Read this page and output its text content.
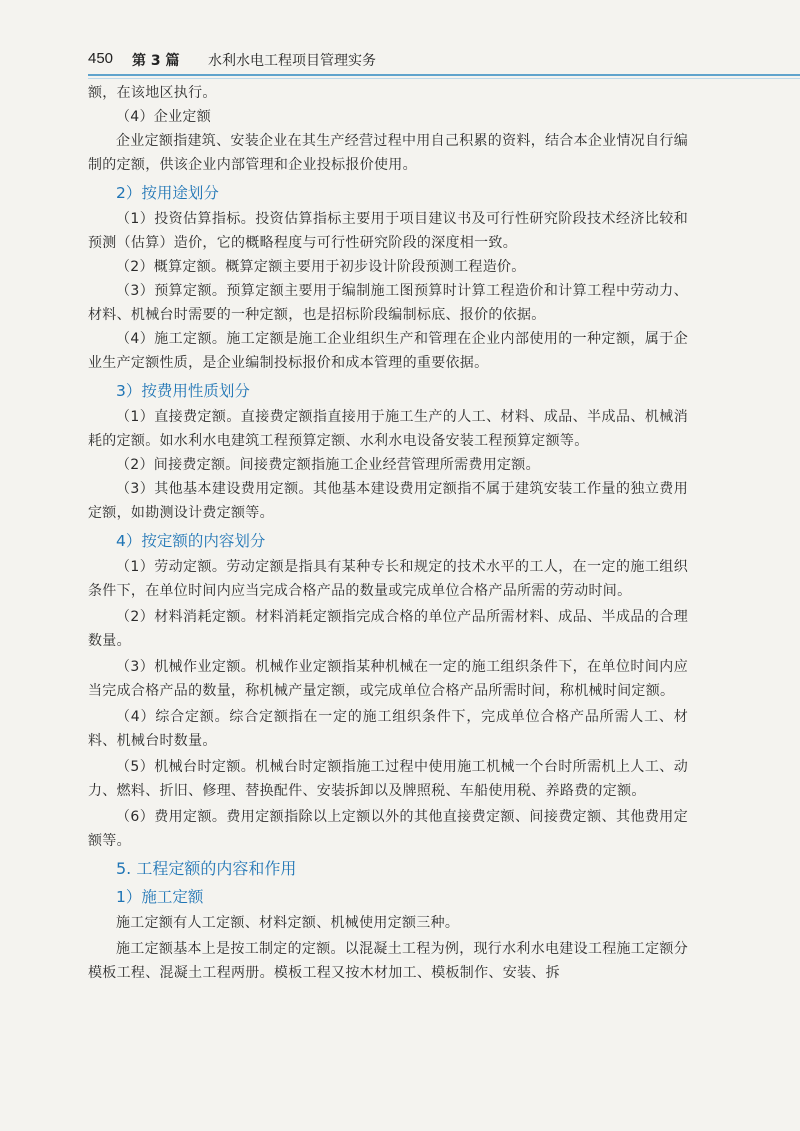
450 第 3 篇 水利水电工程项目管理实务

额，在该地区执行。

（4）企业定额

企业定额指建筑、安装企业在其生产经营过程中用自己积累的资料，结合本企业情况自行编制的定额，供该企业内部管理和企业投标报价使用。

2）按用途划分

（1）投资估算指标。投资估算指标主要用于项目建议书及可行性研究阶段技术经济比较和预测（估算）造价，它的概略程度与可行性研究阶段的深度相一致。

（2）概算定额。概算定额主要用于初步设计阶段预测工程造价。

（3）预算定额。预算定额主要用于编制施工图预算时计算工程造价和计算工程中劳动力、材料、机械台时需要的一种定额，也是招标阶段编制标底、报价的依据。

（4）施工定额。施工定额是施工企业组织生产和管理在企业内部使用的一种定额，属于企业生产定额性质，是企业编制投标报价和成本管理的重要依据。

3）按费用性质划分

（1）直接费定额。直接费定额指直接用于施工生产的人工、材料、成品、半成品、机械消耗的定额。如水利水电建筑工程预算定额、水利水电设备安装工程预算定额等。

（2）间接费定额。间接费定额指施工企业经营管理所需费用定额。

（3）其他基本建设费用定额。其他基本建设费用定额指不属于建筑安装工作量的独立费用定额，如勘测设计费定额等。

4）按定额的内容划分

（1）劳动定额。劳动定额是指具有某种专长和规定的技术水平的工人，在一定的施工组织条件下，在单位时间内应当完成合格产品的数量或完成单位合格产品所需的劳动时间。

（2）材料消耗定额。材料消耗定额指完成合格的单位产品所需材料、成品、半成品的合理数量。

（3）机械作业定额。机械作业定额指某种机械在一定的施工组织条件下，在单位时间内应当完成合格产品的数量，称机械产量定额，或完成单位合格产品所需时间，称机械时间定额。

（4）综合定额。综合定额指在一定的施工组织条件下，完成单位合格产品所需人工、材料、机械台时数量。

（5）机械台时定额。机械台时定额指施工过程中使用施工机械一个台时所需机上人工、动力、燃料、折旧、修理、替换配件、安装拆卸以及牌照税、车船使用税、养路费的定额。

（6）费用定额。费用定额指除以上定额以外的其他直接费定额、间接费定额、其他费用定额等。

5. 工程定额的内容和作用
1）施工定额

施工定额有人工定额、材料定额、机械使用定额三种。

施工定额基本上是按工制定的定额。以混凝土工程为例，现行水利水电建设工程施工定额分模板工程、混凝土工程两册。模板工程又按木材加工、模板制作、安装、拆
